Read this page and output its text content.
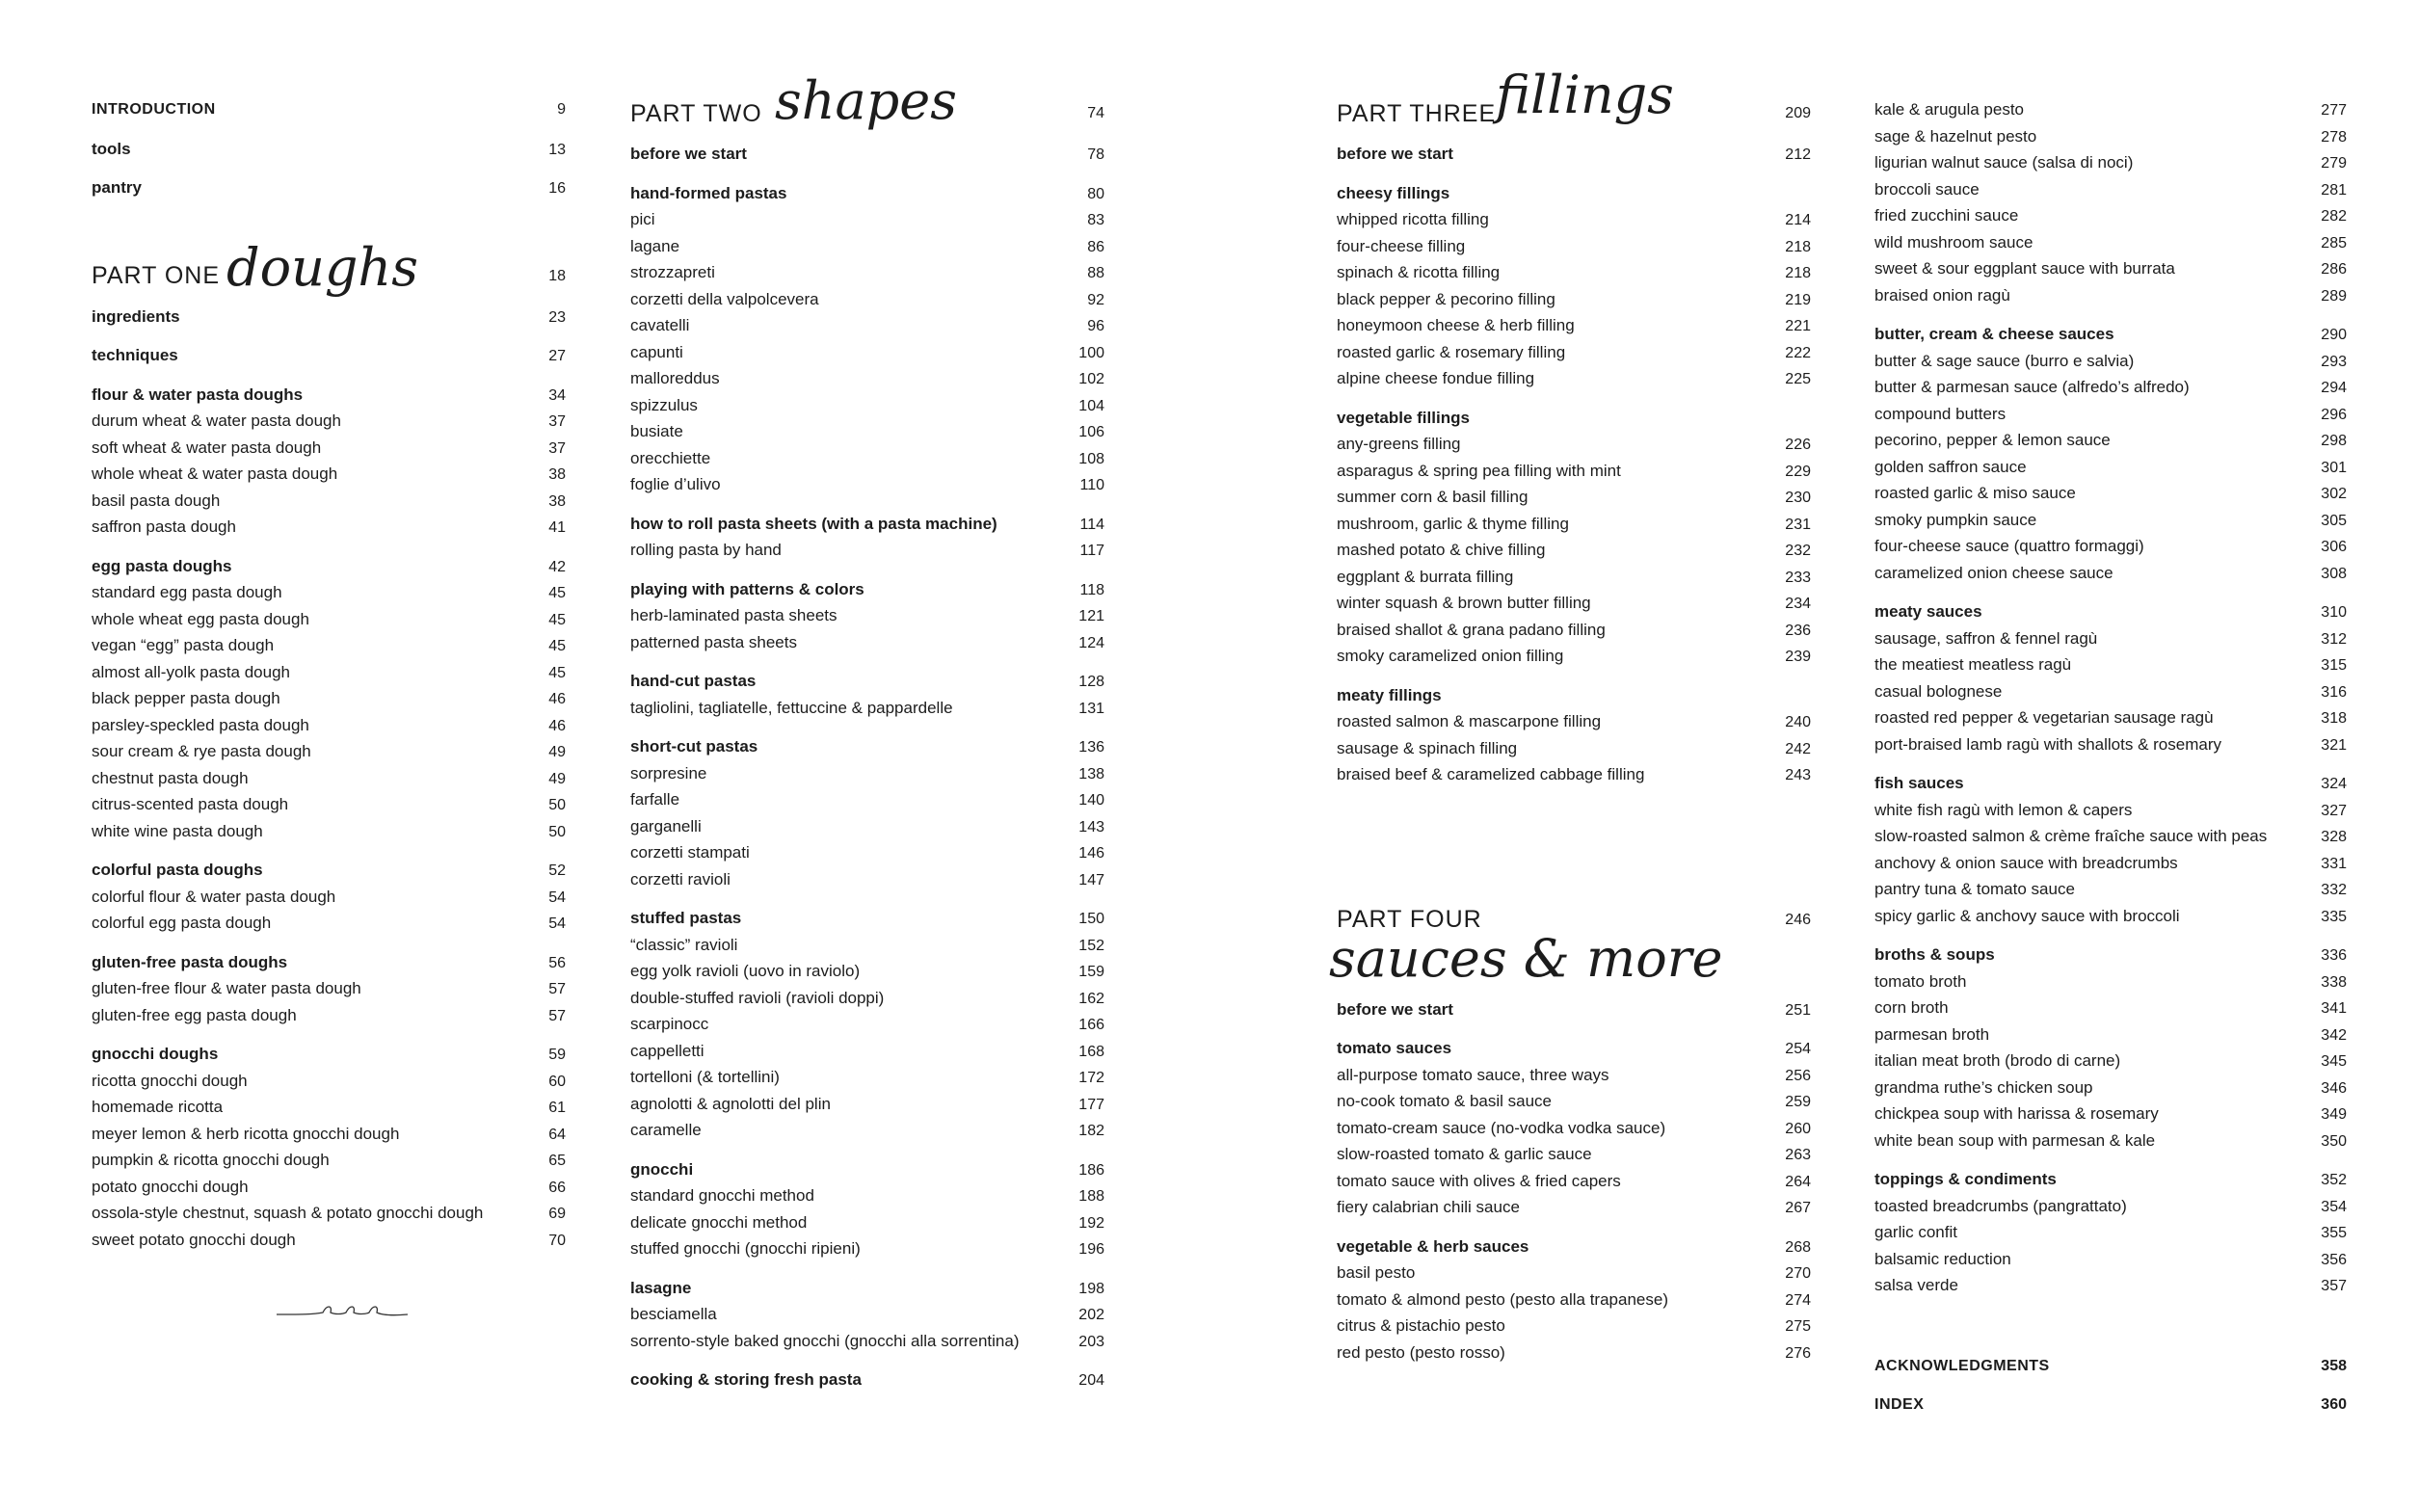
INTRODUCTION	9
tools	13
pantry	16
PART ONE doughs	18
ingredients	23
techniques	27
flour & water pasta doughs	34
durum wheat & water pasta dough	37
soft wheat & water pasta dough	37
whole wheat & water pasta dough	38
basil pasta dough	38
saffron pasta dough	41
egg pasta doughs	42
standard egg pasta dough	45
whole wheat egg pasta dough	45
vegan “egg” pasta dough	45
almost all-yolk pasta dough	45
black pepper pasta dough	46
parsley-speckled pasta dough	46
sour cream & rye pasta dough	49
chestnut pasta dough	49
citrus-scented pasta dough	50
white wine pasta dough	50
colorful pasta doughs	52
colorful flour & water pasta dough	54
colorful egg pasta dough	54
gluten-free pasta doughs	56
gluten-free flour & water pasta dough	57
gluten-free egg pasta dough	57
gnocchi doughs	59
ricotta gnocchi dough	60
homemade ricotta	61
meyer lemon & herb ricotta gnocchi dough	64
pumpkin & ricotta gnocchi dough	65
potato gnocchi dough	66
ossola-style chestnut, squash & potato gnocchi dough	69
sweet potato gnocchi dough	70
PART TWO shapes	74
before we start	78
hand-formed pastas	80
pici	83
lagane	86
strozzapreti	88
corzetti della valpolcevera	92
cavatelli	96
capunti	100
malloreddus	102
spizzulus	104
busiate	106
orecchiette	108
foglie d’ulivo	110
how to roll pasta sheets (with a pasta machine)	114
rolling pasta by hand	117
playing with patterns & colors	118
herb-laminated pasta sheets	121
patterned pasta sheets	124
hand-cut pastas	128
tagliolini, tagliatelle, fettuccine & pappardelle	131
short-cut pastas	136
sorpresine	138
farfalle	140
garganelli	143
corzetti stampati	146
corzetti ravioli	147
stuffed pastas	150
“classic” ravioli	152
egg yolk ravioli (uovo in raviolo)	159
double-stuffed ravioli (ravioli doppi)	162
scarpinocc	166
cappelletti	168
tortelloni (& tortellini)	172
agnolotti & agnolotti del plin	177
caramelle	182
gnocchi	186
standard gnocchi method	188
delicate gnocchi method	192
stuffed gnocchi (gnocchi ripieni)	196
lasagne	198
besciamella	202
sorrento-style baked gnocchi (gnocchi alla sorrentina)	203
cooking & storing fresh pasta	204
PART THREE fillings	209
before we start	212
cheesy fillings
whipped ricotta filling	214
four-cheese filling	218
spinach & ricotta filling	218
black pepper & pecorino filling	219
honeymoon cheese & herb filling	221
roasted garlic & rosemary filling	222
alpine cheese fondue filling	225
vegetable fillings
any-greens filling	226
asparagus & spring pea filling with mint	229
summer corn & basil filling	230
mushroom, garlic & thyme filling	231
mashed potato & chive filling	232
eggplant & burrata filling	233
winter squash & brown butter filling	234
braised shallot & grana padano filling	236
smoky caramelized onion filling	239
meaty fillings
roasted salmon & mascarpone filling	240
sausage & spinach filling	242
braised beef & caramelized cabbage filling	243
PART FOUR	246
sauces & more
before we start	251
tomato sauces	254
all-purpose tomato sauce, three ways	256
no-cook tomato & basil sauce	259
tomato-cream sauce (no-vodka vodka sauce)	260
slow-roasted tomato & garlic sauce	263
tomato sauce with olives & fried capers	264
fiery calabrian chili sauce	267
vegetable & herb sauces	268
basil pesto	270
tomato & almond pesto (pesto alla trapanese)	274
citrus & pistachio pesto	275
red pesto (pesto rosso)	276
kale & arugula pesto	277
sage & hazelnut pesto	278
ligurian walnut sauce (salsa di noci)	279
broccoli sauce	281
fried zucchini sauce	282
wild mushroom sauce	285
sweet & sour eggplant sauce with burrata	286
braised onion ragù	289
butter, cream & cheese sauces	290
butter & sage sauce (burro e salvia)	293
butter & parmesan sauce (alfredo’s alfredo)	294
compound butters	296
pecorino, pepper & lemon sauce	298
golden saffron sauce	301
roasted garlic & miso sauce	302
smoky pumpkin sauce	305
four-cheese sauce (quattro formaggi)	306
caramelized onion cheese sauce	308
meaty sauces	310
sausage, saffron & fennel ragù	312
the meatiest meatless ragù	315
casual bolognese	316
roasted red pepper & vegetarian sausage ragù	318
port-braised lamb ragù with shallots & rosemary	321
fish sauces	324
white fish ragù with lemon & capers	327
slow-roasted salmon & crème fraîche sauce with peas	328
anchovy & onion sauce with breadcrumbs	331
pantry tuna & tomato sauce	332
spicy garlic & anchovy sauce with broccoli	335
broths & soups	336
tomato broth	338
corn broth	341
parmesan broth	342
italian meat broth (brodo di carne)	345
grandma ruthe’s chicken soup	346
chickpea soup with harissa & rosemary	349
white bean soup with parmesan & kale	350
toppings & condiments	352
toasted breadcrumbs (pangrattato)	354
garlic confit	355
balsamic reduction	356
salsa verde	357
ACKNOWLEDGMENTS	358
INDEX	360
